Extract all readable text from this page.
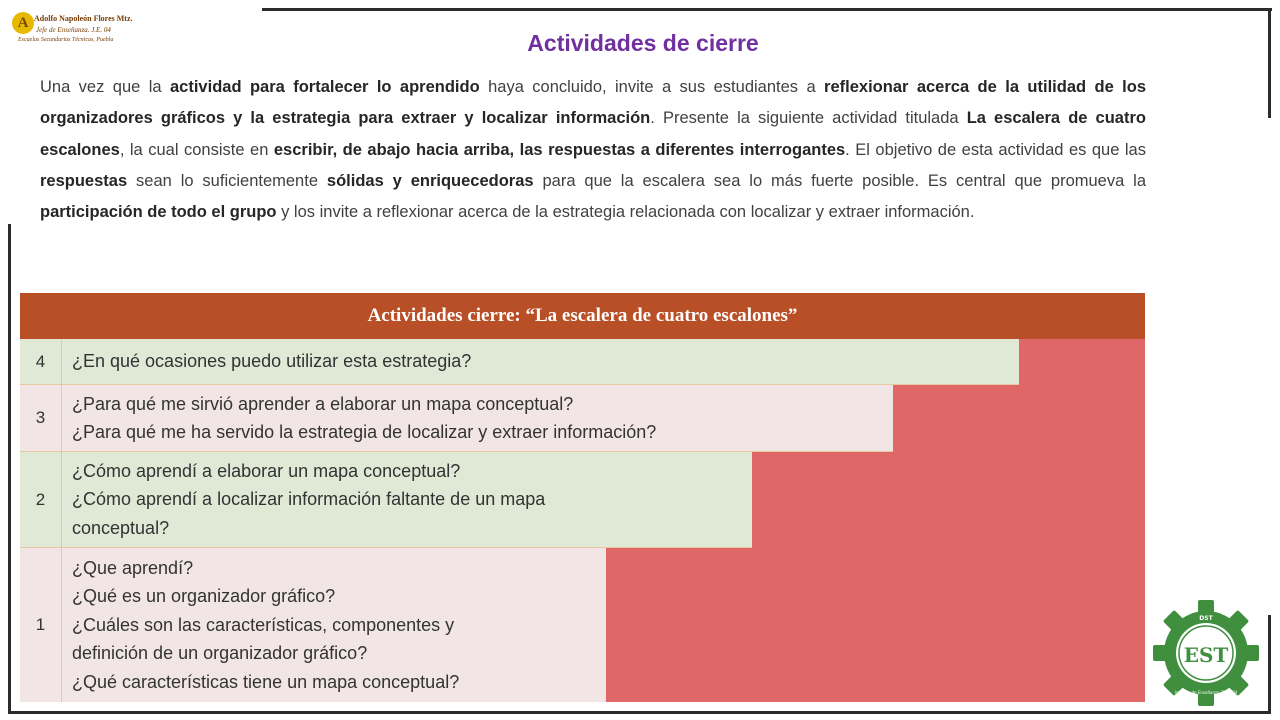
A Adolfo Napoleón Flores Mtz.
Jefe de Enseñanza. J.E. 04
Escuelas Secundarias Técnicas, Puebla	Actividades de cierre
Una vez que la actividad para fortalecer lo aprendido haya concluido, invite a sus estudiantes a reflexionar acerca de la utilidad de los organizadores gráficos y la estrategia para extraer y localizar información. Presente la siguiente actividad titulada La escalera de cuatro escalones, la cual consiste en escribir, de abajo hacia arriba, las respuestas a diferentes interrogantes. El objetivo de esta actividad es que las respuestas sean lo suficientemente sólidas y enriquecedoras para que la escalera sea lo más fuerte posible. Es central que promueva la participación de todo el grupo y los invite a reflexionar acerca de la estrategia relacionada con localizar y extraer información.
Actividades cierre: “La escalera de cuatro escalones”
4	¿En qué ocasiones puedo utilizar esta estrategia?
3
¿Para qué me sirvió aprender a elaborar un mapa conceptual?
¿Para qué me ha servido la estrategia de localizar y extraer información?
2
¿Cómo aprendí a elaborar un mapa conceptual?
¿Cómo aprendí a localizar información faltante de un mapa
conceptual?
1
¿Que aprendí?
¿Qué es un organizador gráfico?
¿Cuáles son las características, componentes y
definición de un organizador gráfico?
¿Qué características tiene un mapa conceptual?
DST
EST
Jefatura de Enseñanza Zona 04
